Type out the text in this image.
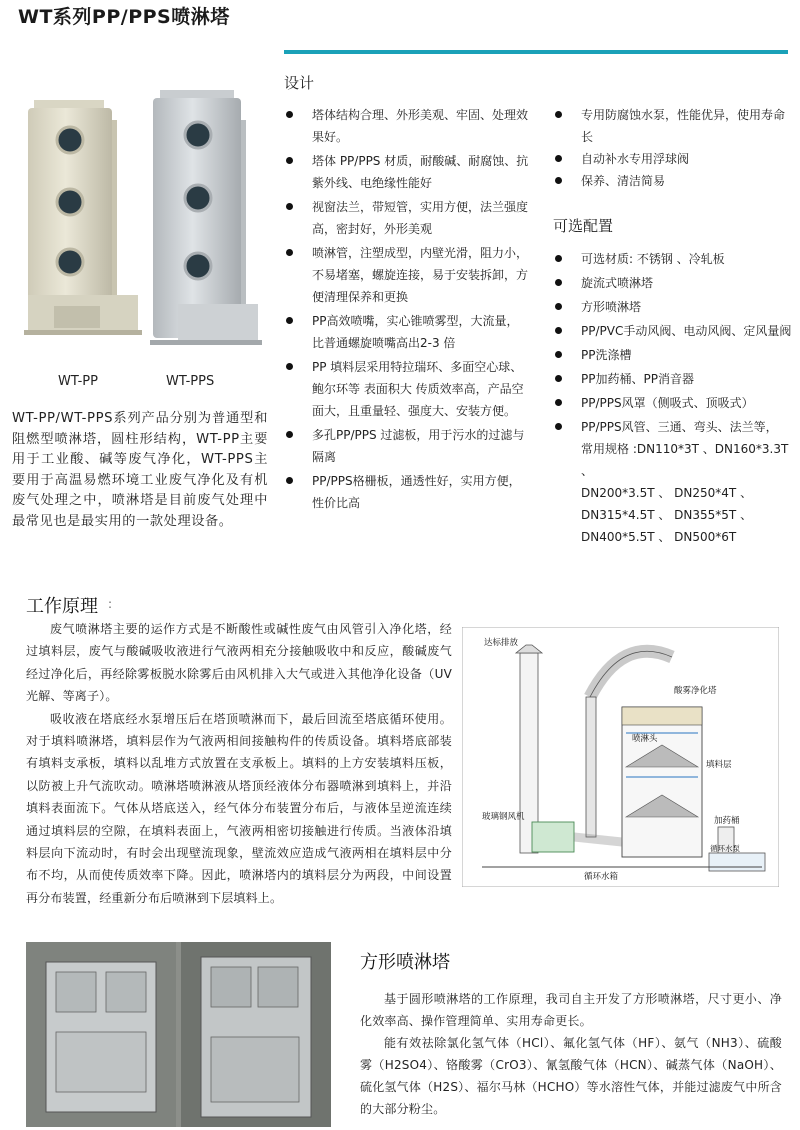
WT系列PP/PPS喷淋塔
WT-PP	WT-PPS
WT-PP/WT-PPS系列产品分别为普通型和阻燃型喷淋塔，圆柱形结构，WT-PP主要用于工业酸、碱等废气净化，WT-PPS主要用于高温易燃环境工业废气净化及有机废气处理之中，喷淋塔是目前废气处理中最常见也是最实用的一款处理设备。
设计
塔体结构合理、外形美观、牢固、处理效果好。
塔体 PP/PPS 材质，耐酸碱、耐腐蚀、抗紫外线、电绝缘性能好
视窗法兰，带短管，实用方便，法兰强度高，密封好，外形美观
喷淋管，注塑成型，内壁光滑，阻力小，不易堵塞，螺旋连接，易于安装拆卸，方便清理保养和更换
PP高效喷嘴，实心锥喷雾型，大流量，比普通螺旋喷嘴高出2-3 倍
PP 填料层采用特拉瑞环、多面空心球、鲍尔环等 表面积大 传质效率高，产品空面大，且重量轻、强度大、安装方便。
多孔PP/PPS 过滤板，用于污水的过滤与隔离
PP/PPS格栅板，通透性好，实用方便，性价比高
专用防腐蚀水泵，性能优异，使用寿命长
自动补水专用浮球阀
保养、清洁简易
可选配置
可选材质: 不锈钢 、冷轧板
旋流式喷淋塔
方形喷淋塔
PP/PVC手动风阀、电动风阀、定风量阀
PP洗涤槽
PP加药桶、PP消音器
PP/PPS风罩（侧吸式、顶吸式）
PP/PPS风管、三通、弯头、法兰等，
常用规格 :DN110*3T 、DN160*3.3T 、
DN200*3.5T 、 DN250*4T 、
DN315*4.5T 、 DN355*5T 、
DN400*5.5T 、 DN500*6T
工作原理 :

废气喷淋塔主要的运作方式是不断酸性或碱性废气由风管引入净化塔，经过填料层，废气与酸碱吸收液进行气液两相充分接触吸收中和反应，酸碱废气经过净化后，再经除雾板脱水除雾后由风机排入大气或进入其他净化设备（UV光解、等离子）。

吸收液在塔底经水泵增压后在塔顶喷淋而下，最后回流至塔底循环使用。对于填料喷淋塔，填料层作为气液两相间接触构件的传质设备。填料塔底部装有填料支承板，填料以乱堆方式放置在支承板上。填料的上方安装填料压板，以防被上升气流吹动。喷淋塔喷淋液从塔顶经液体分布器喷淋到填料上，并沿填料表面流下。气体从塔底送入，经气体分布装置分布后，与液体呈逆流连续通过填料层的空隙，在填料表面上，气液两相密切接触进行传质。当液体沿填料层向下流动时，有时会出现壁流现象，壁流效应造成气液两相在填料层中分布不均，从而使传质效率下降。因此，喷淋塔内的填料层分为两段，中间设置再分布装置，经重新分布后喷淋到下层填料上。

达标排放
酸雾净化塔
喷淋头
填料层
玻璃钢风机	加药桶
循环水泵
循环水箱
方形喷淋塔

基于圆形喷淋塔的工作原理，我司自主开发了方形喷淋塔，尺寸更小、净化效率高、操作管理简单、实用寿命更长。

能有效祛除氯化氢气体（HCl）、氟化氢气体（HF）、氨气（NH3）、硫酸雾（H2SO4）、铬酸雾（CrO3）、氰氢酸气体（HCN）、碱蒸气体（NaOH）、硫化氢气体（H2S）、福尔马林（HCHO）等水溶性气体，并能过滤废气中所含的大部分粉尘。
